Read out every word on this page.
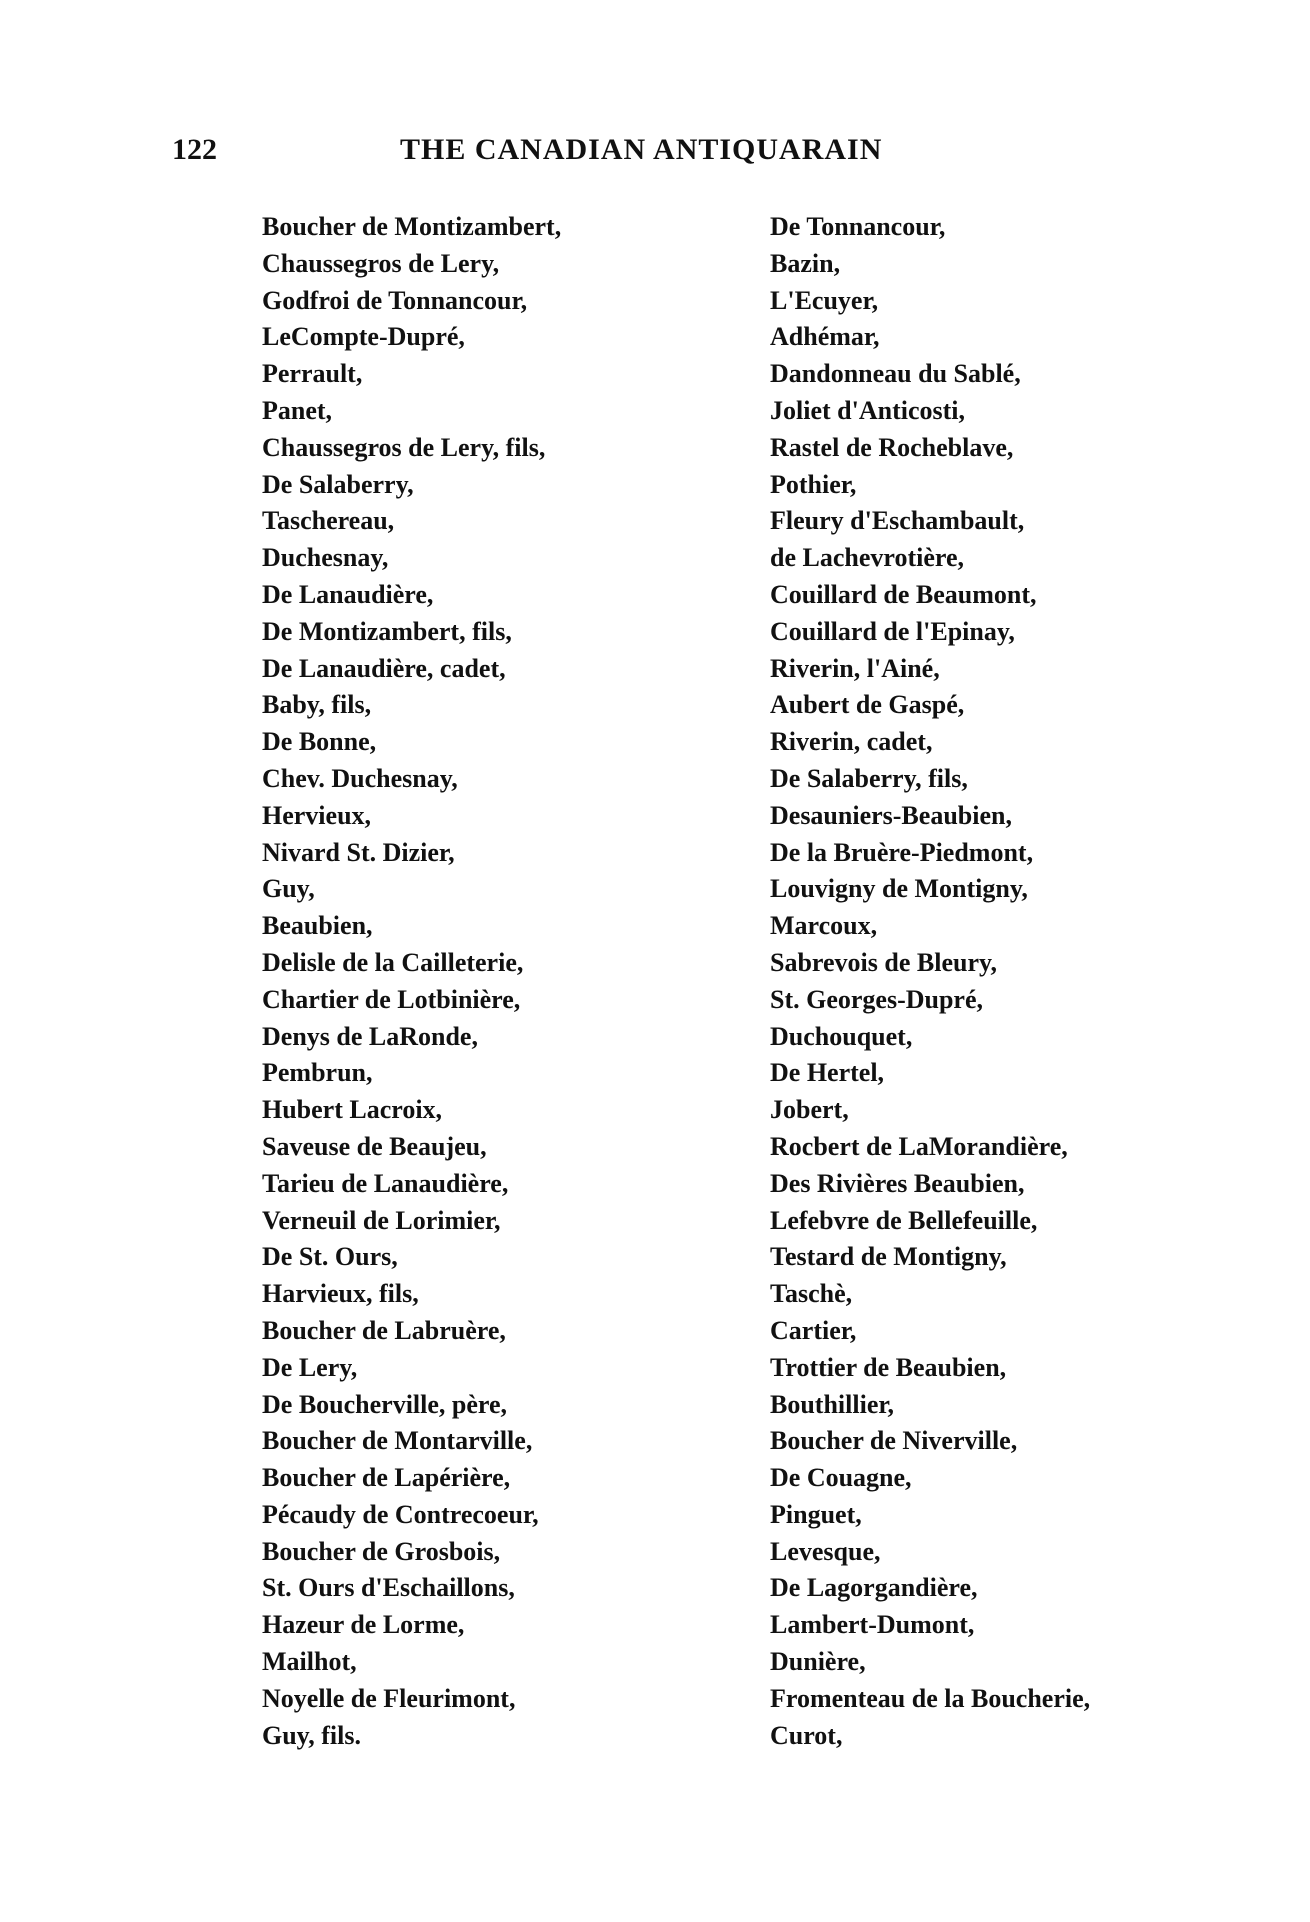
122	THE CANADIAN ANTIQUARAIN
Boucher de Montizambert,
Chaussegros de Lery,
Godfroi de Tonnancour,
LeCompte-Dupré,
Perrault,
Panet,
Chaussegros de Lery, fils,
De Salaberry,
Taschereau,
Duchesnay,
De Lanaudière,
De Montizambert, fils,
De Lanaudière, cadet,
Baby, fils,
De Bonne,
Chev. Duchesnay,
Hervieux,
Nivard St. Dizier,
Guy,
Beaubien,
Delisle de la Cailleterie,
Chartier de Lotbinière,
Denys de LaRonde,
Pembrun,
Hubert Lacroix,
Saveuse de Beaujeu,
Tarieu de Lanaudière,
Verneuil de Lorimier,
De St. Ours,
Harvieux, fils,
Boucher de Labruère,
De Lery,
De Boucherville, père,
Boucher de Montarville,
Boucher de Lapérière,
Pécaudy de Contrecoeur,
Boucher de Grosbois,
St. Ours d'Eschaillons,
Hazeur de Lorme,
Mailhot,
Noyelle de Fleurimont,
Guy, fils.
De Tonnancour,
Bazin,
L'Ecuyer,
Adhémar,
Dandonneau du Sablé,
Joliet d'Anticosti,
Rastel de Rocheblave,
Pothier,
Fleury d'Eschambault,
de Lachevrotière,
Couillard de Beaumont,
Couillard de l'Epinay,
Riverin, l'Ainé,
Aubert de Gaspé,
Riverin, cadet,
De Salaberry, fils,
Desauniers-Beaubien,
De la Bruère-Piedmont,
Louvigny de Montigny,
Marcoux,
Sabrevois de Bleury,
St. Georges-Dupré,
Duchouquet,
De Hertel,
Jobert,
Rocbert de LaMorandière,
Des Rivières Beaubien,
Lefebvre de Bellefeuille,
Testard de Montigny,
Taschè,
Cartier,
Trottier de Beaubien,
Bouthillier,
Boucher de Niverville,
De Couagne,
Pinguet,
Levesque,
De Lagorgandière,
Lambert-Dumont,
Dunière,
Fromenteau de la Boucherie,
Curot,
